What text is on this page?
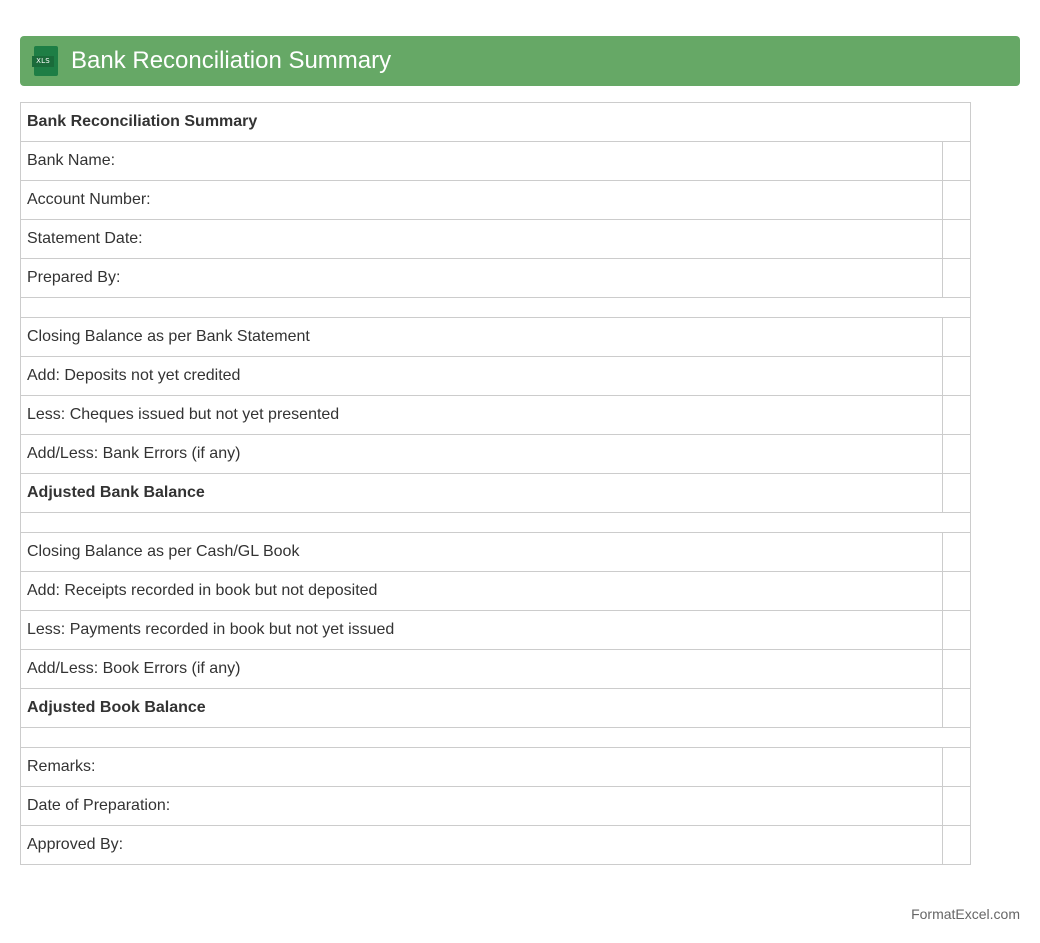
XLS Bank Reconciliation Summary
Bank Reconciliation Summary	
Bank Name:	
Account Number:	
Statement Date:	
Prepared By:	

Closing Balance as per Bank Statement	
Add: Deposits not yet credited	
Less: Cheques issued but not yet presented	
Add/Less: Bank Errors (if any)	
Adjusted Bank Balance	

Closing Balance as per Cash/GL Book	
Add: Receipts recorded in book but not deposited	
Less: Payments recorded in book but not yet issued	
Add/Less: Book Errors (if any)	
Adjusted Book Balance	

Remarks:	
Date of Preparation:	
Approved By:	
FormatExcel.com
